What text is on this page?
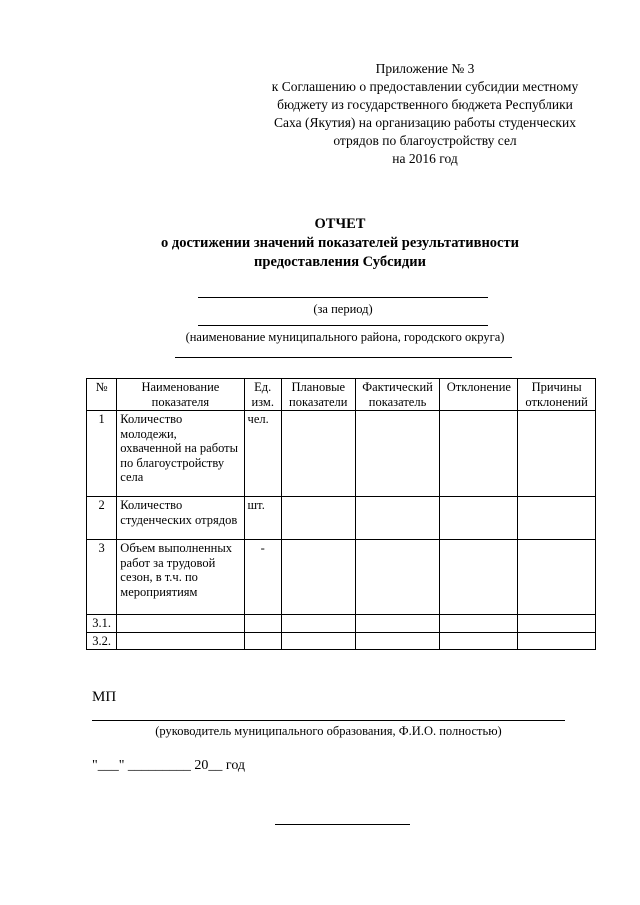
Приложение № 3
к Соглашению о предоставлении субсидии местному
бюджету из государственного бюджета Республики
Саха (Якутия) на организацию работы студенческих
отрядов по благоустройству сел
на 2016 год
ОТЧЕТ
о достижении значений показателей результативности
предоставления Субсидии
(за период)
(наименование муниципального района, городского округа)
№	Наименование показателя	Ед. изм.	Плановые показатели	Фактический показатель	Отклонение	Причины отклонений
1	Количество молодежи, охваченной на работы по благоустройству села	чел.				
2	Количество студенческих отрядов	шт.				
3	Объем выполненных работ за трудовой сезон, в т.ч. по мероприятиям	-				
3.1.						
3.2.						
МП
(руководитель муниципального образования, Ф.И.О. полностью)
"___" _________ 20__ год
